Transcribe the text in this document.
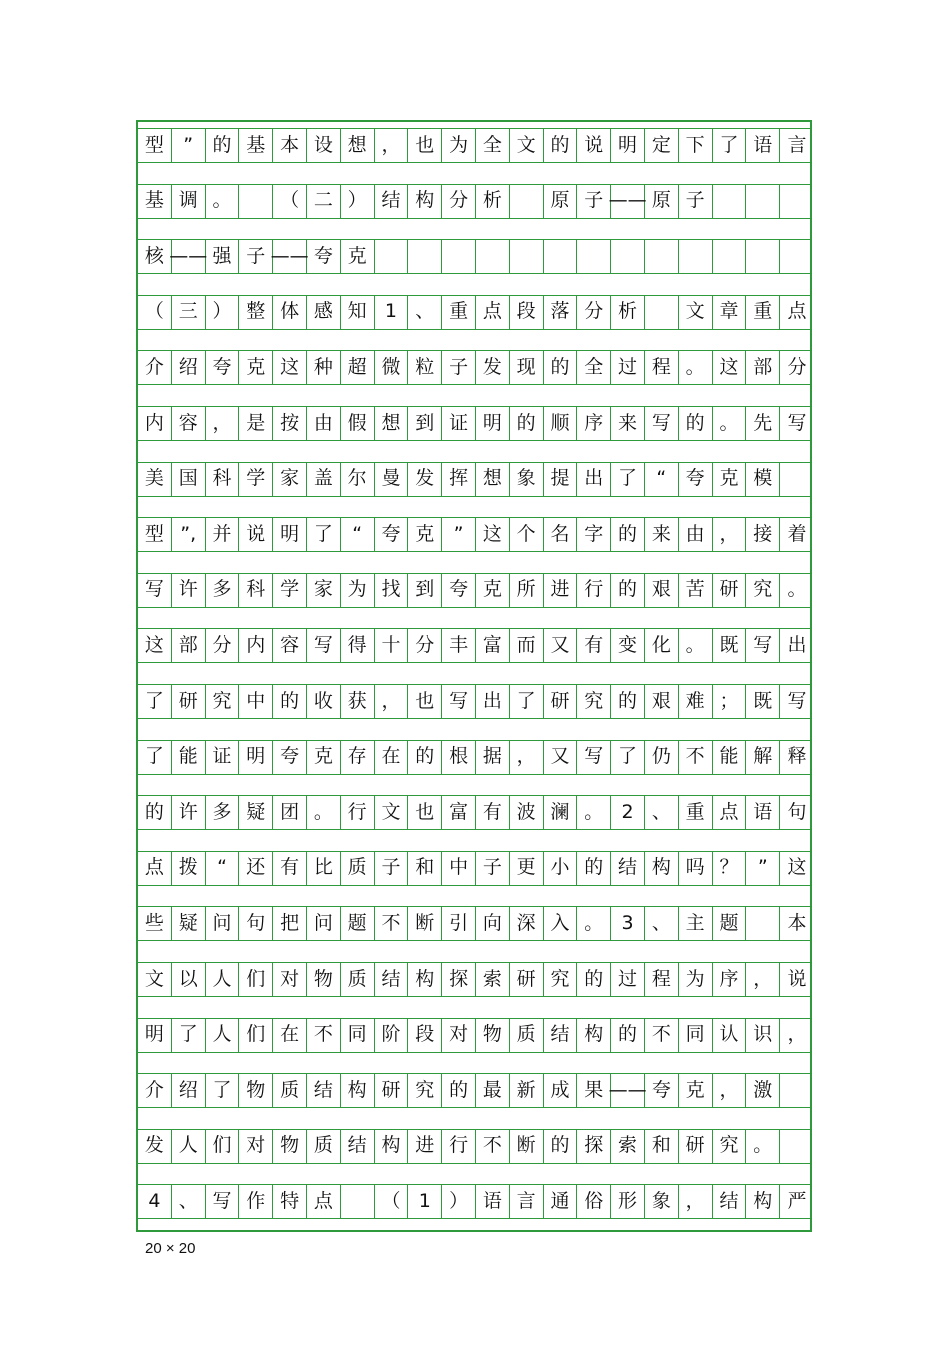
型	”	的 基 本 设 想 ， 也 为 全 文 的 说 明 定 下 了 语 言
基 调 。	（ 二 ） 结 构 分 析	原 子 —— 原 子
核 —— 强 子 —— 夸 克
（ 三 ） 整 体 感 知 1 、 重 点 段 落 分 析	文 章 重 点
介 绍 夸 克 这 种 超 微 粒 子 发 现 的 全 过 程 。 这 部 分
内 容 ， 是 按 由 假 想 到 证 明 的 顺 序 来 写 的 。 先 写
美 国 科 学 家 盖 尔 曼 发 挥 想 象 提 出 了	“	夸 克 模
型 ”, 并 说 明 了	“	夸 克	”	这 个 名 字 的 来 由 ， 接 着
写 许 多 科 学 家 为 找 到 夸 克 所 进 行 的 艰 苦 研 究 。
这 部 分 内 容 写 得 十 分 丰 富 而 又 有 变 化 。 既 写 出
了 研 究 中 的 收 获 ， 也 写 出 了 研 究 的 艰 难 ； 既 写
了 能 证 明 夸 克 存 在 的 根 据 ， 又 写 了 仍 不 能 解 释
的 许 多 疑 团 。 行 文 也 富 有 波 澜 。 2 、 重 点 语 句
点 拨	“	还 有 比 质 子 和 中 子 更 小 的 结 构 吗 ？	”	这
些 疑 问 句 把 问 题 不 断 引 向 深 入 。 3 、 主 题	本
文 以 人 们 对 物 质 结 构 探 索 研 究 的 过 程 为 序 ， 说
明 了 人 们 在 不 同 阶 段 对 物 质 结 构 的 不 同 认 识 ，
介 绍 了 物 质 结 构 研 究 的 最 新 成 果 —— 夸 克 ， 激
发 人 们 对 物 质 结 构 进 行 不 断 的 探 索 和 研 究 。
4 、 写 作 特 点	（ 1 ） 语 言 通 俗 形 象 ， 结 构 严
20 × 20
